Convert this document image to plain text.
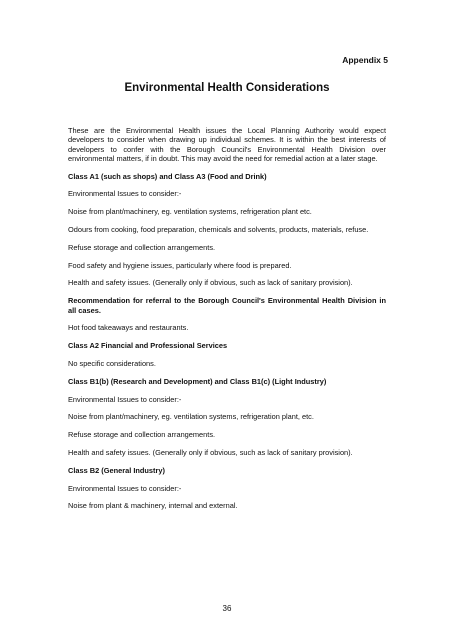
Appendix 5
Environmental Health Considerations

These are the Environmental Health issues the Local Planning Authority would expect developers to consider when drawing up individual schemes. It is within the best interests of developers to confer with the Borough Council's Environmental Health Division over environmental matters, if in doubt. This may avoid the need for remedial action at a later stage.

Class A1 (such as shops) and Class A3 (Food and Drink)

Environmental Issues to consider:-

Noise from plant/machinery, eg. ventilation systems, refrigeration plant etc.

Odours from cooking, food preparation, chemicals and solvents, products, materials, refuse.

Refuse storage and collection arrangements.

Food safety and hygiene issues, particularly where food is prepared.

Health and safety issues. (Generally only if obvious, such as lack of sanitary provision).

Recommendation for referral to the Borough Council's Environmental Health Division in all cases.

Hot food takeaways and restaurants.

Class A2 Financial and Professional Services

No specific considerations.

Class B1(b) (Research and Development) and Class B1(c) (Light Industry)

Environmental Issues to consider:-

Noise from plant/machinery, eg. ventilation systems, refrigeration plant, etc.

Refuse storage and collection arrangements.

Health and safety issues. (Generally only if obvious, such as lack of sanitary provision).

Class B2 (General Industry)

Environmental Issues to consider:-

Noise from plant & machinery, internal and external.

36
